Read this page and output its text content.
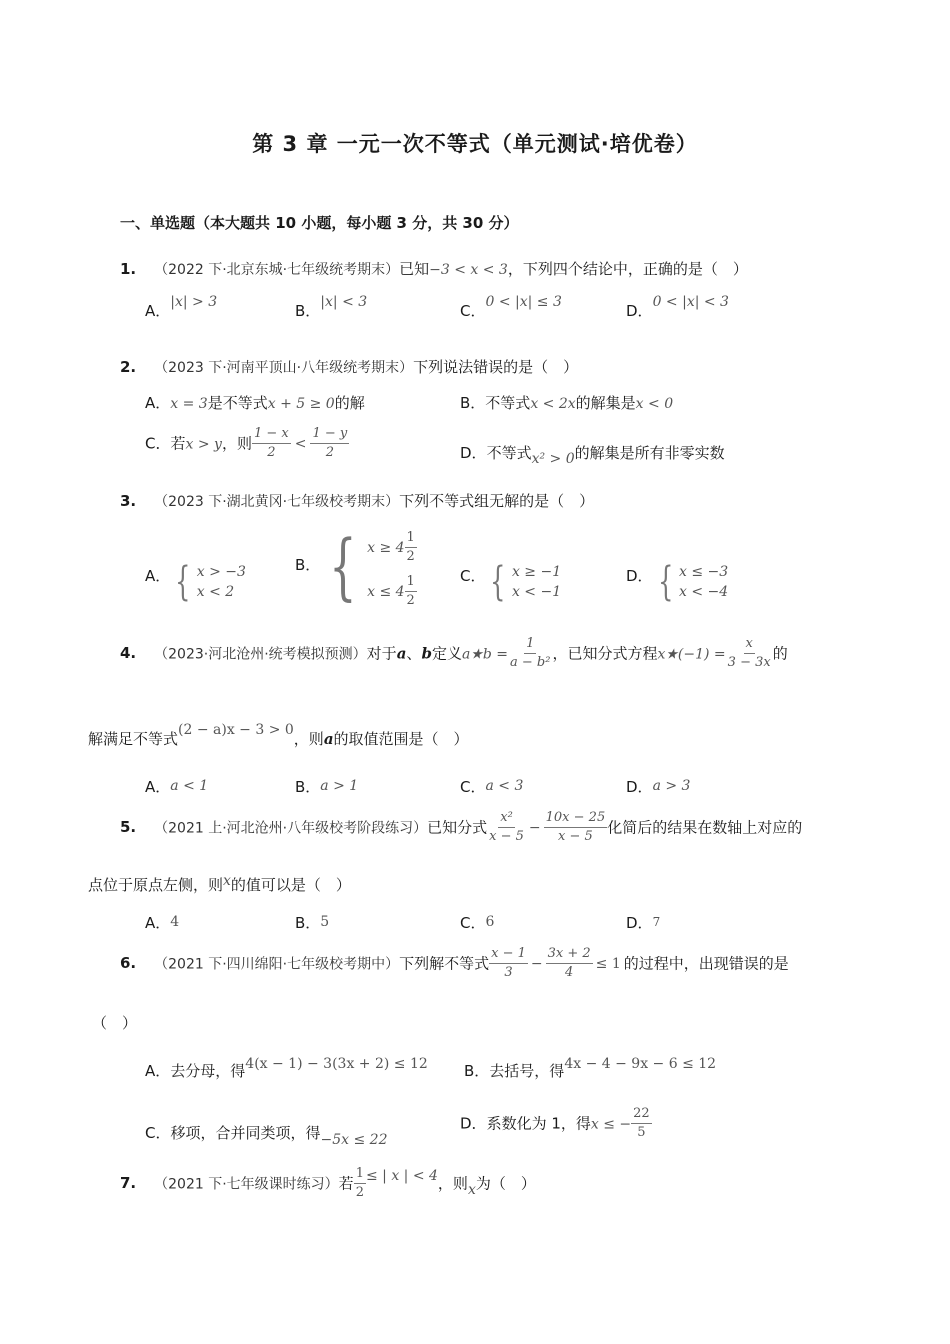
第 3 章 一元一次不等式（单元测试·培优卷）
一、单选题（本大题共 10 小题，每小题 3 分，共 30 分）
1. （2022 下·北京东城·七年级统考期末）已知−3 < x < 3，下列四个结论中，正确的是（　）
A．|x| > 3	B．|x| < 3	C．0 < |x| ≤ 3	D．0 < |x| < 3
2. （2023 下·河南平顶山·八年级统考期末）下列说法错误的是（　）
A．x = 3是不等式x + 5 ≥ 0的解	B．不等式x < 2x的解集是x < 0
C．若x > y，则 $\frac{1 - x}{2} < \frac{1 - y}{2}$	D．不等式x² > 0的解集是所有非零实数
3. （2023 下·湖北黄冈·七年级校考期末）下列不等式组无解的是（　）
A． { x > −3
x < 2
B． { $x \ge 4 \frac{1}{2}$
$x \le 4 \frac{1}{2}$	C． { x ≥ −1
x < −1
D． { x ≤ −3
x < −4
4. （2023·河北沧州·统考模拟预测）对于a、b定义a★b = $\frac{1}{\text{a − b²}}$ ，已知分式方程x★(−1) = $\frac{x}{3 - 3x}$ 的
解满足不等式(2 − a)x − 3 > 0，则a的取值范围是（　）
A．a < 1	B．a > 1	C．a < 3	D．a > 3
5. （2021 上·河北沧州·八年级校考阶段练习）已知分式 $\frac{\text{x²}}{x - 5} - \frac{10x - 25}{x - 5}$ 化简后的结果在数轴上对应的
点位于原点左侧，则x的值可以是（　）
A．4	B．5	C．6	D．7
6. （2021 下·四川绵阳·七年级校考期中）下列解不等式 $\frac{x - 1}{3} - \frac{3x + 2}{4} \le 1$ 的过程中，出现错误的是
（　）
A．去分母，得4(x − 1) − 3(3x + 2) ≤ 12 B．去括号，得4x − 4 − 9x − 6 ≤ 12
C．移项，合并同类项，得−5x ≤ 22
D．系数化为 1，得x ≤ − $\frac{22}{5}$
7. （2021 下·七年级课时练习）若 $\frac{1}{2}$ ≤ | x | < 4，则x为（　）
